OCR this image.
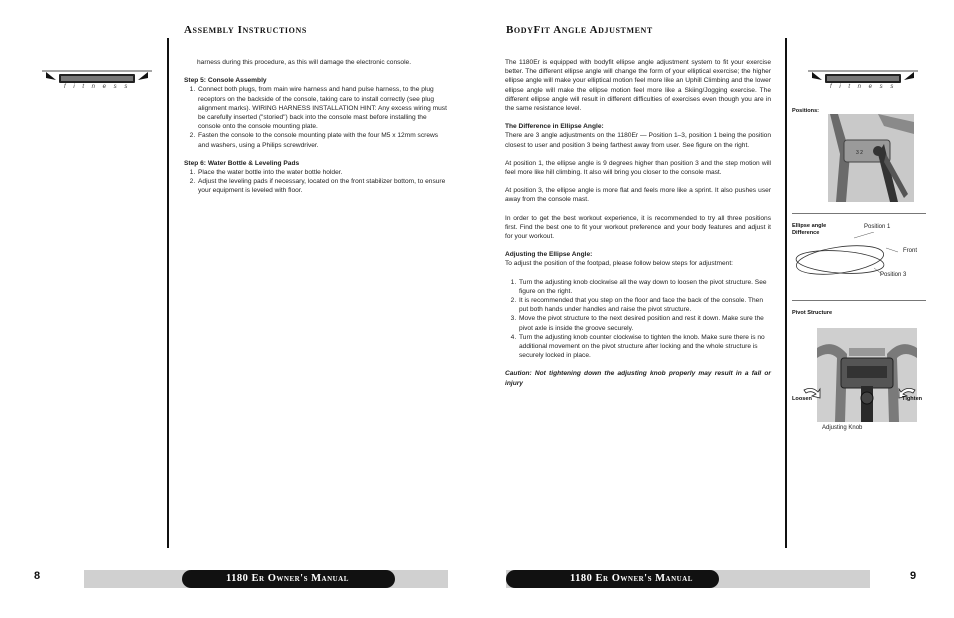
Assembly Instructions
f i t n e s s

harness during this procedure, as this will damage the electronic console.

Step 5: Console Assembly

1. Connect both plugs, from main wire harness and hand pulse harness, to the plug receptors on the backside of the console, taking care to install correctly (see plug alignment marks). WIRING HARNESS INSTALLATION HINT: Any excess wiring must be carefully inserted ("storied") back into the console mast before installing the console onto the console mounting plate.
2. Fasten the console to the console mounting plate with the four M5 x 12mm screws and washers, using a Philips screwdriver.

Step 6: Water Bottle & Leveling Pads

1. Place the water bottle into the water bottle holder.
2. Adjust the leveling pads if necessary, located on the front stabilizer bottom, to ensure your equipment is leveled with floor.
8	1180 Er Owner's Manual
BodyFit Angle Adjustment

The 1180Er is equipped with bodyfit ellipse angle adjustment system to fit your exercise better. The different ellipse angle will change the form of your elliptical exercise; the higher ellipse angle will make your elliptical motion feel more like an Uphill Climbing and the lower ellipse angle will make the ellipse motion feel more like a Skiing/Jogging exercise. The different ellipse angle will result in different difficulties of exercises even though you are in the same resistance level.

The Difference in Ellipse Angle:

There are 3 angle adjustments on the 1180Er — Position 1–3, position 1 being the position closest to user and position 3 being farthest away from user. See figure on the right.

At position 1, the ellipse angle is 9 degrees higher than position 3 and the step motion will feel more like hill climbing. It also will bring you closer to the console mast.

At position 3, the ellipse angle is more flat and feels more like a sprint. It also pushes user away from the console mast.

In order to get the best workout experience, it is recommended to try all three positions first. Find the best one to fit your workout preference and your body features and adjust it for your workout.

Adjusting the Ellipse Angle:

To adjust the position of the footpad, please follow below steps for adjustment:

1. Turn the adjusting knob clockwise all the way down to loosen the pivot structure. See figure on the right.
2. It is recommended that you step on the floor and face the back of the console. Then put both hands under handles and raise the pivot structure.
3. Move the pivot structure to the next desired position and rest it down. Make sure the pivot axle is inside the groove securely.
4. Turn the adjusting knob counter clockwise to tighten the knob. Make sure there is no additional movement on the pivot structure after locking and the whole structure is securely locked in place.

Caution: Not tightening down the adjusting knob properly may result in a fall or injury

f i t n e s s
Positions:
3 2
Ellipse angle Difference
Position 1
Front
Position 3
Pivot Structure
Loosen	Tighten
Adjusting Knob
1180 Er Owner's Manual	9
